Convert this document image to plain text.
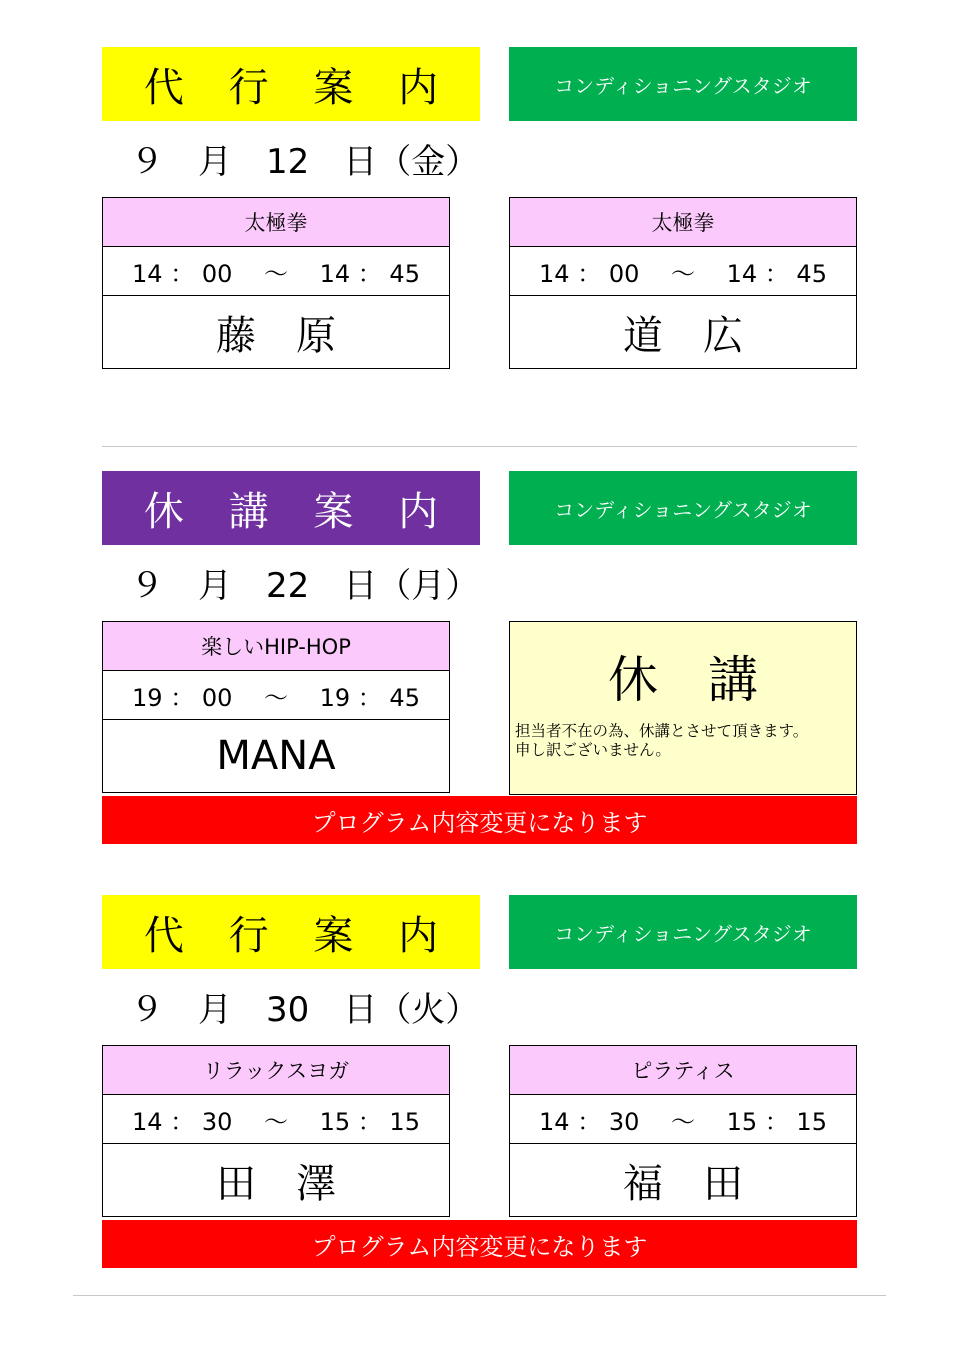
代 行 案 内	コンディショニングスタジオ
９　月　12　日（金）
太極拳
14 ： 00　 ～　 14 ： 45
藤　原
太極拳
14 ： 00　 ～　 14 ： 45
道　広
休 講 案 内	コンディショニングスタジオ
９　月　22　日（月）
楽しいHIP-HOP
19 ： 00　 ～　 19 ： 45
MANA
休　講
担当者不在の為、休講とさせて頂きます。
申し訳ございません。
プログラム内容変更になります
代 行 案 内	コンディショニングスタジオ
９　月　30　日（火）
リラックスヨガ
14 ： 30　 ～　 15 ： 15
田　澤
ピラティス
14 ： 30　 ～　 15 ： 15
福　田
プログラム内容変更になります
